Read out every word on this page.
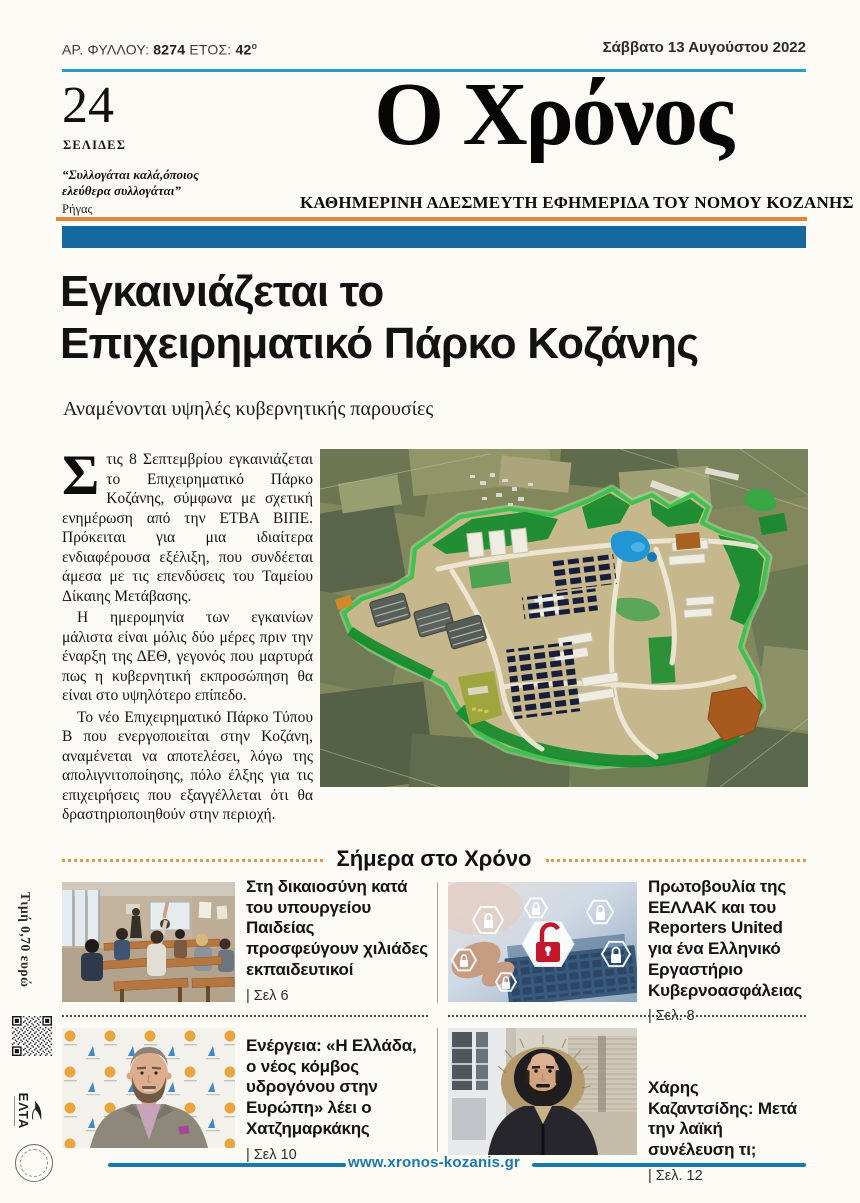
ΑΡ. ΦΥΛΛΟΥ: 8274 ΕΤΟΣ: $42^o$	Σάββατο 13 Αυγούστου 2022
24
ΣΕΛΙΔΕΣ
“Συλλογάται καλά,όποιος
ελεύθερα συλλογάται”
Ρήγας
Ο Χρόνος
ΚΑΘΗΜΕΡΙΝΗ ΑΔΕΣΜΕΥΤΗ ΕΦΗΜΕΡΙΔΑ ΤΟΥ ΝΟΜΟΥ ΚΟΖΑΝΗΣ
Εγκαινιάζεται το
Επιχειρηματικό Πάρκο Κοζάνης
Αναμένονται υψηλές κυβερνητικής παρουσίες

Στις 8 Σεπτεμβρίου εγκαινιάζεται το Επιχειρηματικό Πάρκο Κοζάνης, σύμφωνα με σχετική ενημέρωση από την ΕΤΒΑ ΒΙΠΕ. Πρόκειται για μια ιδιαίτερα ενδιαφέρουσα εξέλιξη, που συνδέεται άμεσα με τις επενδύσεις του Ταμείου Δίκαιης Μετάβασης.

Η ημερομηνία των εγκαινίων μάλιστα είναι μόλις δύο μέρες πριν την έναρξη της ΔΕΘ, γεγονός που μαρτυρά πως η κυβερνητική εκπροσώπηση θα είναι στο υψηλότερο επίπεδο.

Το νέο Επιχειρηματικό Πάρκο Τύπου Β που ενεργοποιείται στην Κοζάνη, αναμένεται να αποτελέσει, λόγω της απολιγνιτοποίησης, πόλο έλξης για τις επιχειρήσεις που εξαγγέλλεται ότι θα δραστηριοποιηθούν στην περιοχή.

Σήμερα στο Χρόνο
Στη δικαιοσύνη κατά του υπουργείου Παιδείας προσφεύγουν χιλιάδες εκπαιδευτικοί
| Σελ 6
Πρωτοβουλία της ΕΕΛΛΑΚ και του Reporters United για ένα Ελληνικό Εργαστήριο Κυβερνοασφάλειας
| Σελ. 8
Ενέργεια: «Η Ελλάδα, ο νέος κόμβος υδρογόνου στην Ευρώπη» λέει ο Χατζημαρκάκης
| Σελ 10
Χάρης Καζαντσίδης: Μετά την λαϊκή συνέλευση τι;
| Σελ. 12
www.xronos-kozanis.gr
Τιμή 0,70 ευρώ
ΕΛΤΑ
